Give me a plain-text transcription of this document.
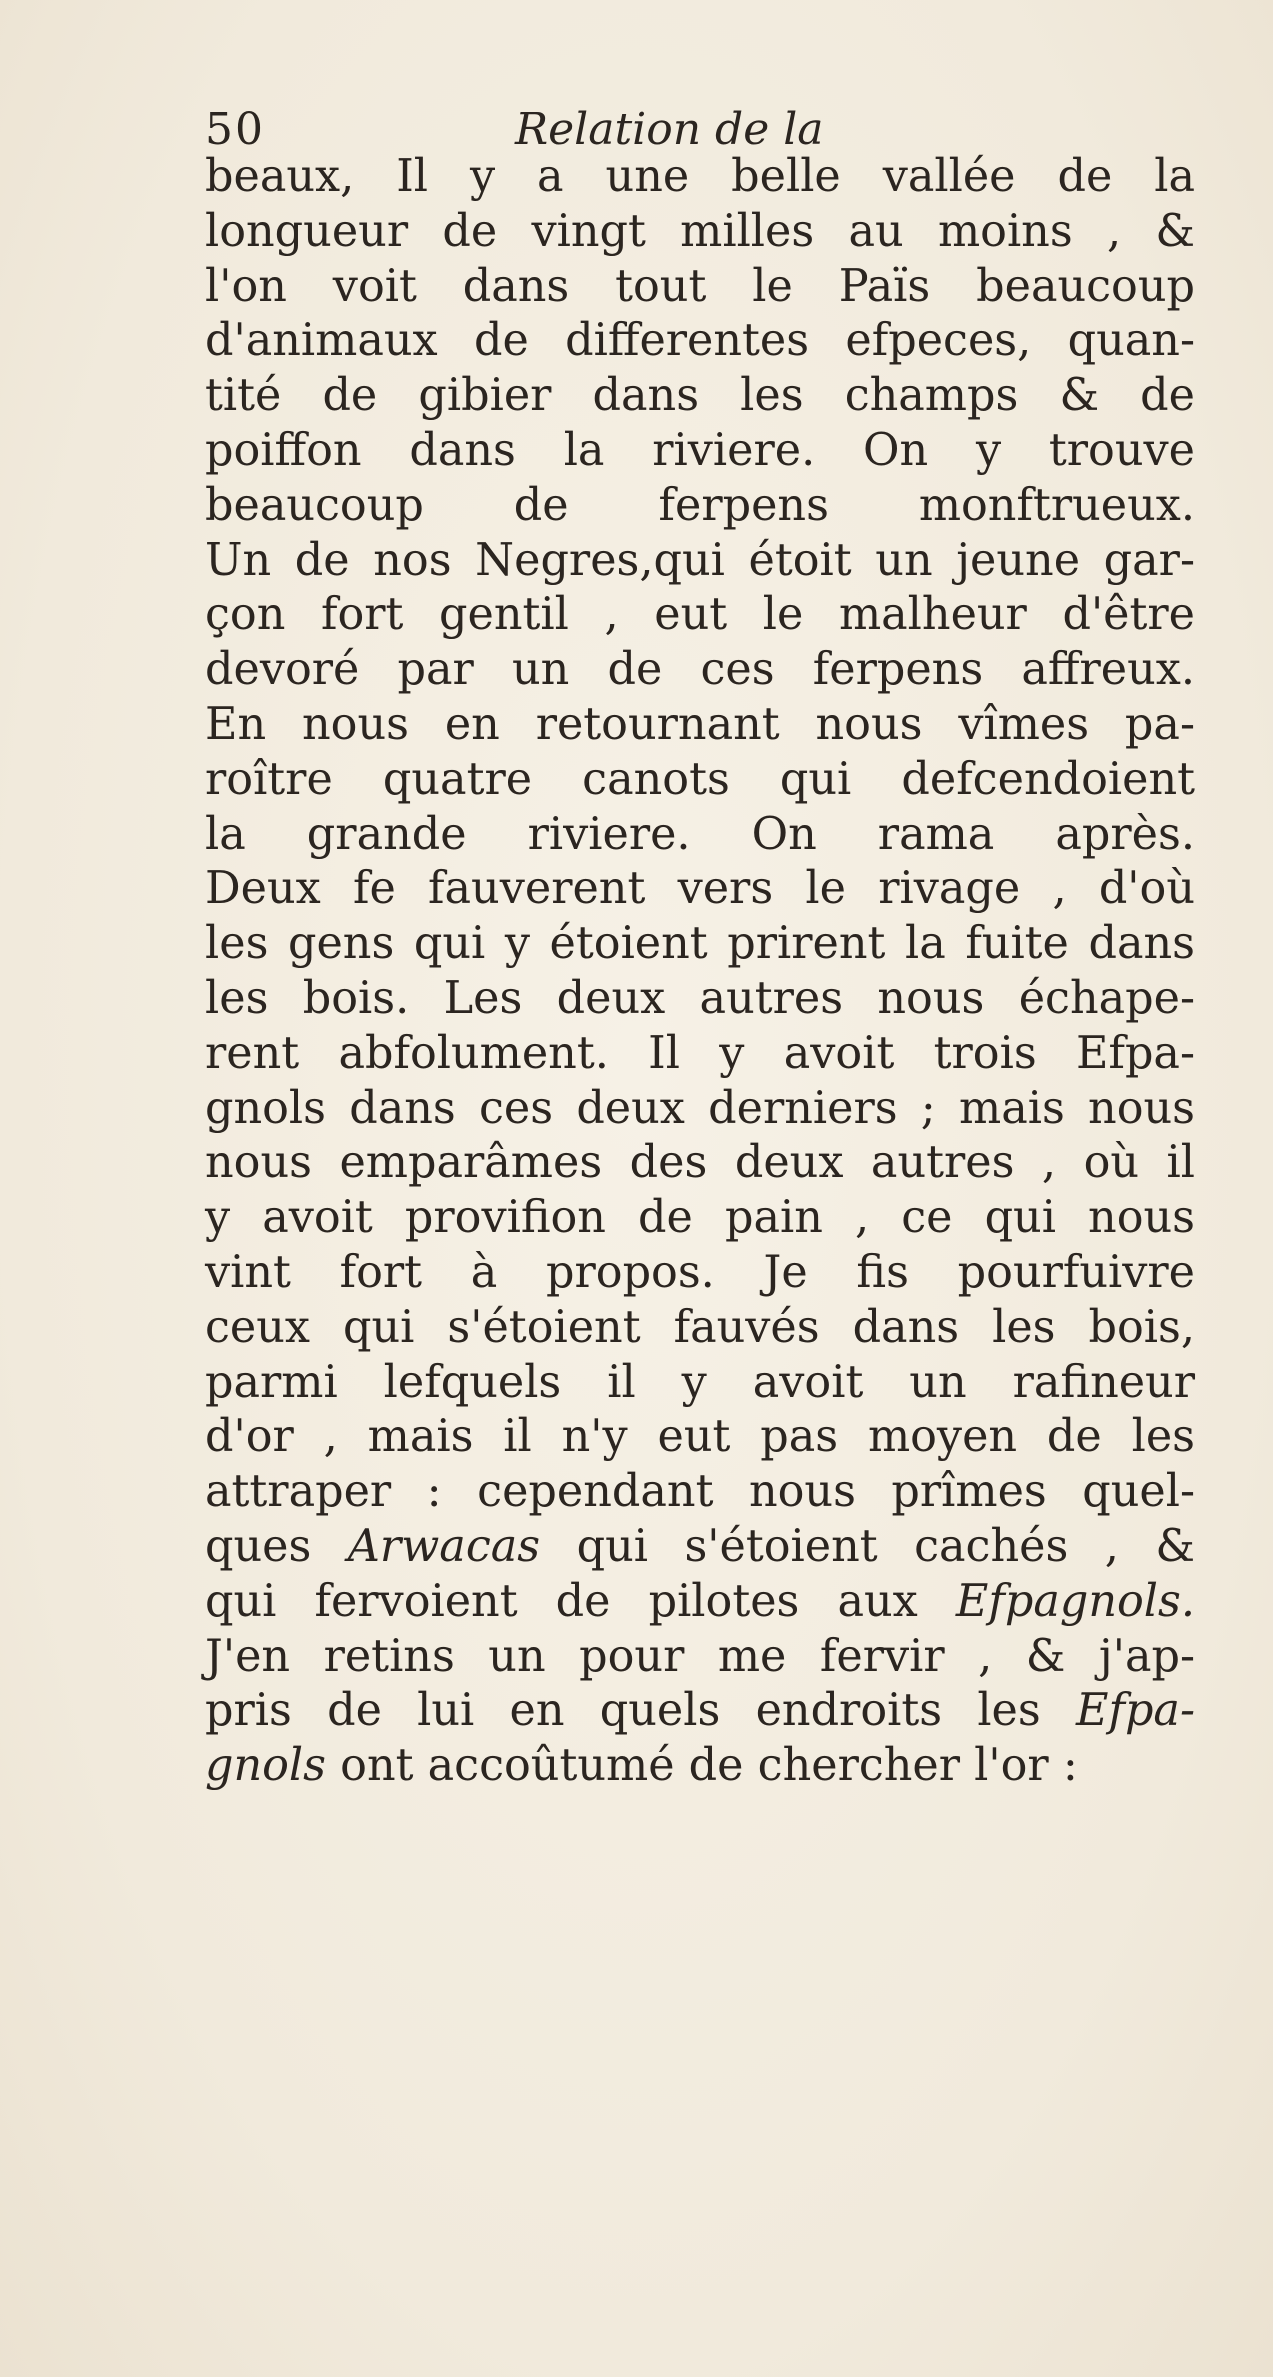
50	Relation de la
beaux, Il y a une belle vallée de la
longueur de vingt milles au moins , &
l'on voit dans tout le Païs beaucoup
d'animaux de differentes efpeces, quan-
tité de gibier dans les champs & de
poiffon dans la riviere. On y trouve
beaucoup de ferpens monftrueux.
Un de nos Negres,qui étoit un jeune gar-
çon fort gentil , eut le malheur d'être
devoré par un de ces ferpens affreux.
En nous en retournant nous vîmes pa-
roître quatre canots qui defcendoient
la grande riviere. On rama après.
Deux fe fauverent vers le rivage , d'où
les gens qui y étoient prirent la fuite dans
les bois. Les deux autres nous échape-
rent abfolument. Il y avoit trois Efpa-
gnols dans ces deux derniers ; mais nous
nous emparâmes des deux autres , où il
y avoit provifion de pain , ce qui nous
vint fort à propos. Je fis pourfuivre
ceux qui s'étoient fauvés dans les bois,
parmi lefquels il y avoit un rafineur
d'or , mais il n'y eut pas moyen de les
attraper : cependant nous prîmes quel-
ques Arwacas qui s'étoient cachés , &
qui fervoient de pilotes aux Efpagnols.
J'en retins un pour me fervir , & j'ap-
pris de lui en quels endroits les Efpa-
gnols ont accoûtumé de chercher l'or :
